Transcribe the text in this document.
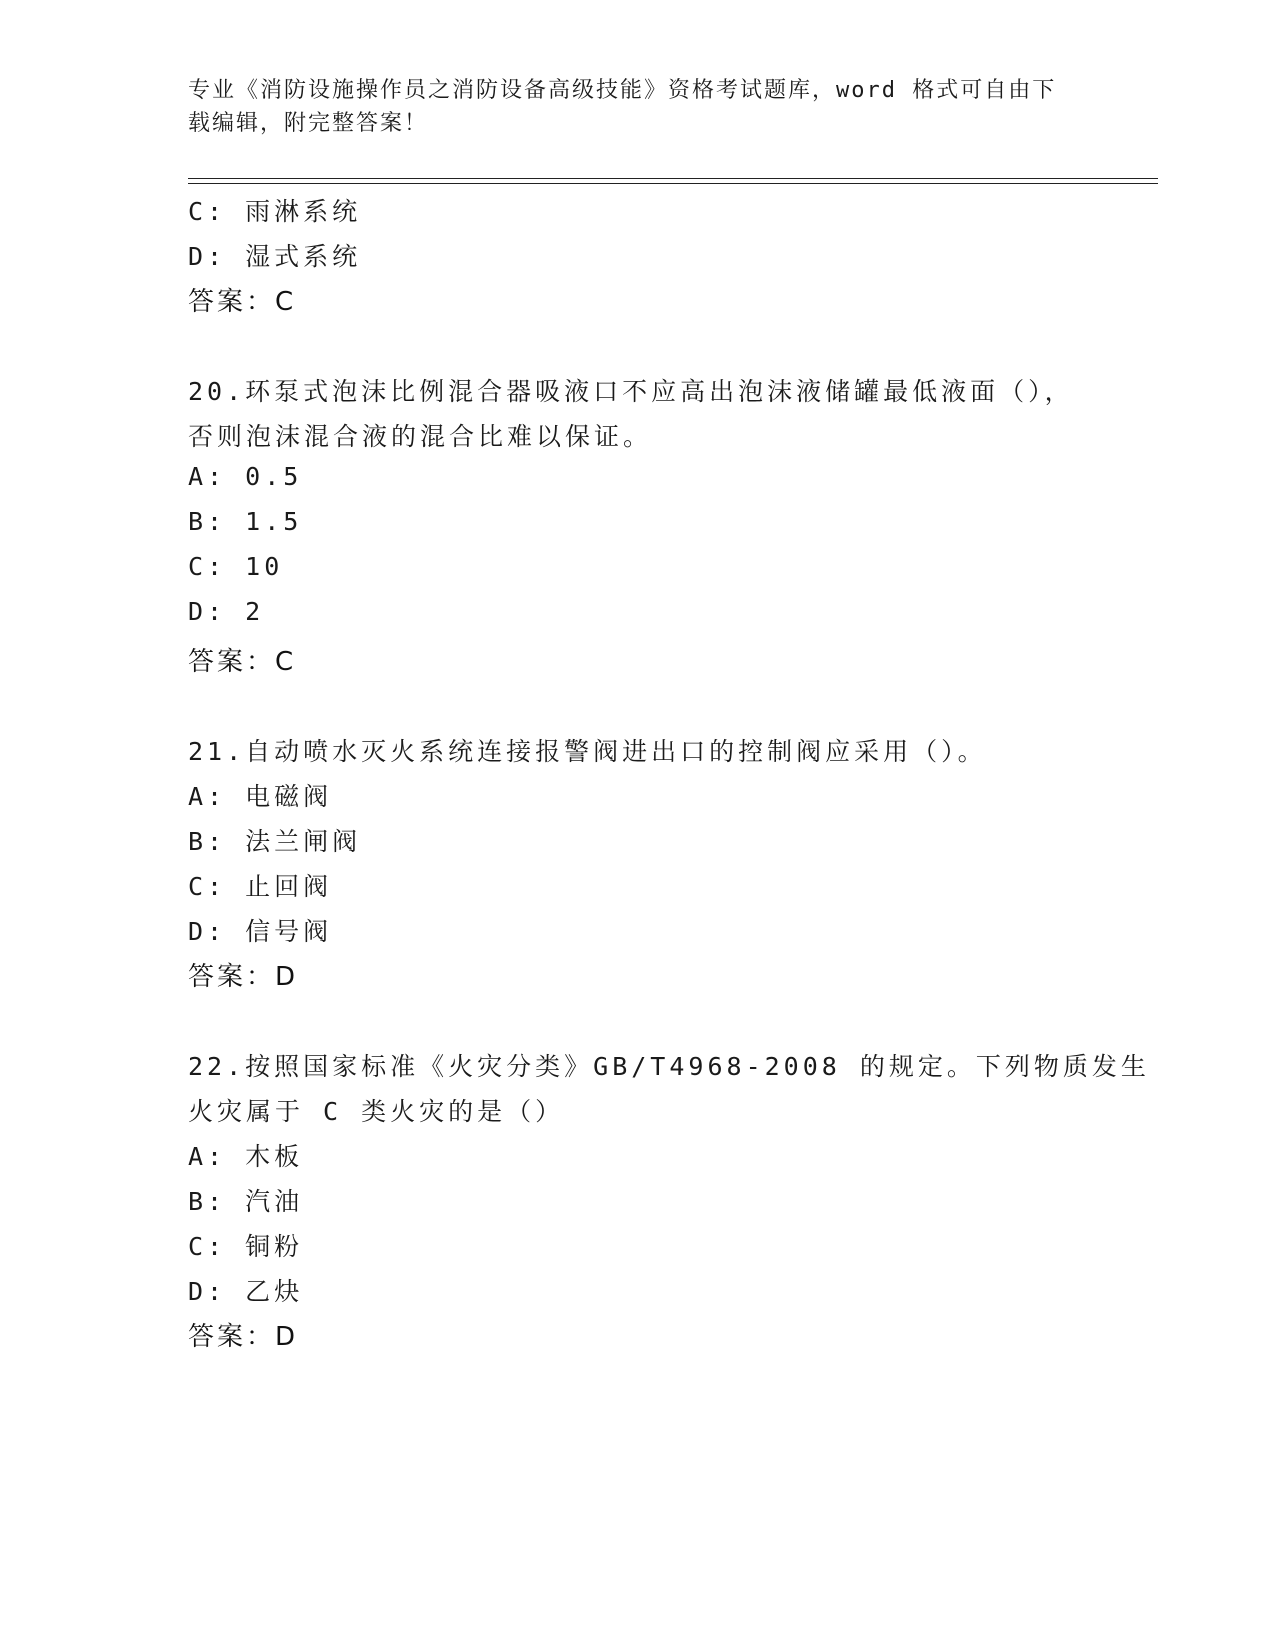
专业《消防设施操作员之消防设备高级技能》资格考试题库，word 格式可自由下
载编辑，附完整答案！
C: 雨淋系统
D: 湿式系统
答案：C
20.环泵式泡沫比例混合器吸液口不应高出泡沫液储罐最低液面（），
否则泡沫混合液的混合比难以保证。
A: 0.5
B: 1.5
C: 10
D: 2
答案：C
21.自动喷水灭火系统连接报警阀进出口的控制阀应采用（）。
A: 电磁阀
B: 法兰闸阀
C: 止回阀
D: 信号阀
答案：D
22.按照国家标准《火灾分类》GB/T4968-2008 的规定。下列物质发生
火灾属于 C 类火灾的是（）
A: 木板
B: 汽油
C: 铜粉
D: 乙炔
答案：D
